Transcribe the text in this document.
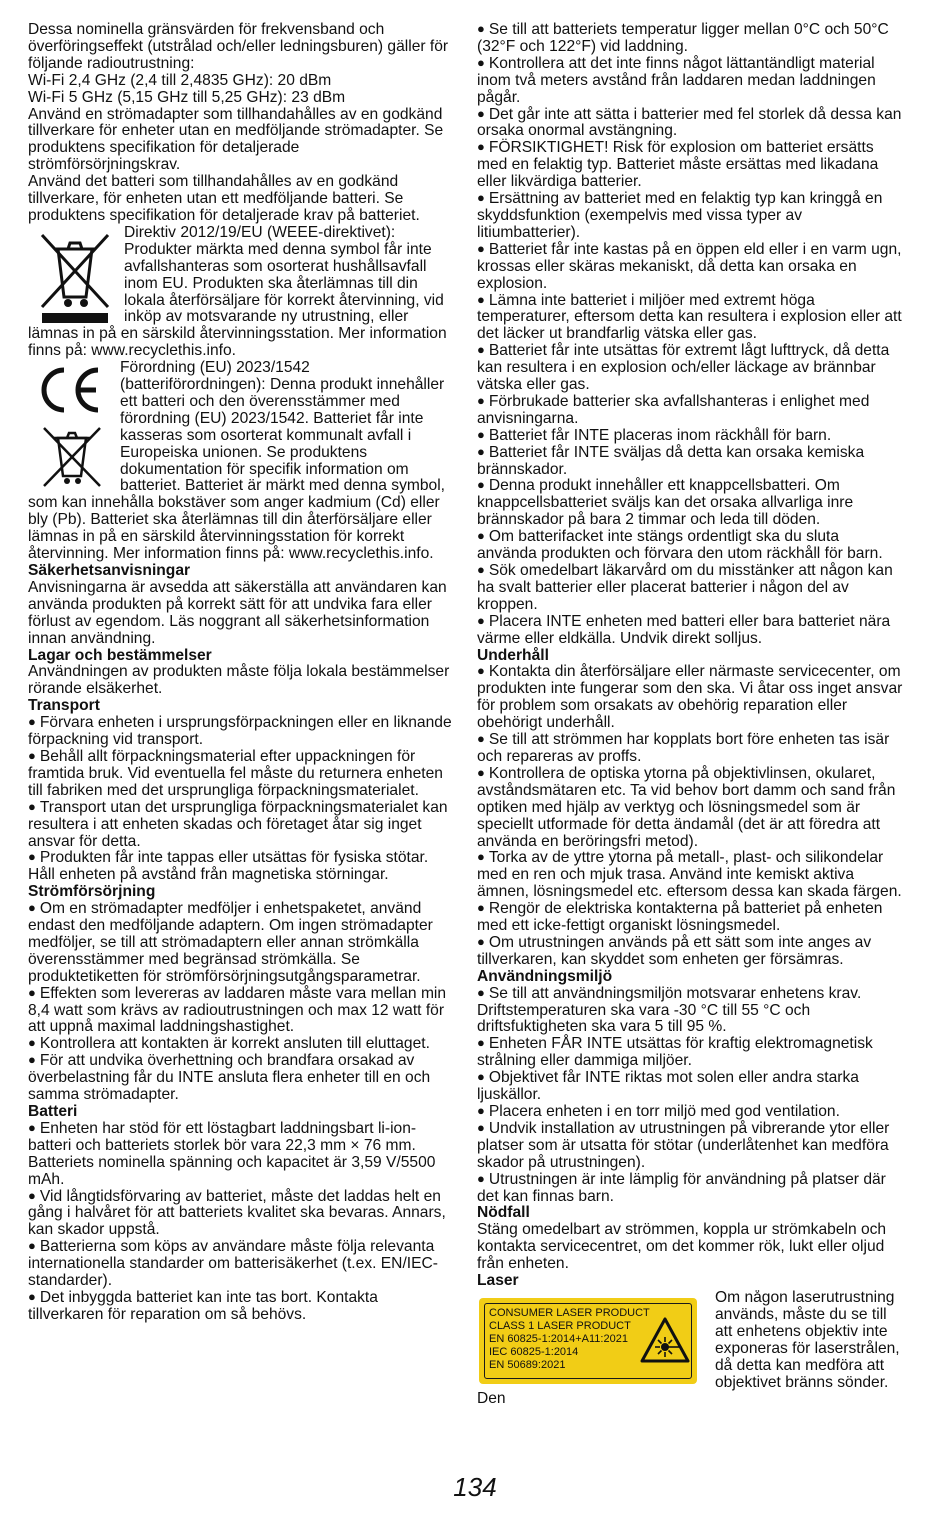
Dessa nominella gränsvärden för frekvensband och överföringseffekt (utstrålad och/eller ledningsburen) gäller för följande radioutrustning:

Wi-Fi 2,4 GHz (2,4 till 2,4835 GHz): 20 dBm

Wi-Fi 5 GHz (5,15 GHz till 5,25 GHz): 23 dBm

Använd en strömadapter som tillhandahålles av en godkänd tillverkare för enheter utan en medföljande strömadapter. Se produktens specifikation för detaljerade strömförsörjningskrav.

Använd det batteri som tillhandahålles av en godkänd tillverkare, för enheten utan ett medföljande batteri. Se produktens specifikation för detaljerade krav på batteriet.

Direktiv 2012/19/EU (WEEE-direktivet): Produkter märkta med denna symbol får inte avfallshanteras som osorterat hushållsavfall inom EU. Produkten ska återlämnas till din lokala återförsäljare för korrekt återvinning, vid inköp av motsvarande ny utrustning, eller lämnas in på en särskild återvinningsstation. Mer information finns på: www.recyclethis.info.
Förordning (EU) 2023/1542 (batteriförordningen): Denna produkt innehåller ett batteri och den överensstämmer med förordning (EU) 2023/1542. Batteriet får inte kasseras som osorterat kommunalt avfall i Europeiska unionen. Se produktens dokumentation för specifik information om batteriet. Batteriet är märkt med denna symbol, som kan innehålla bokstäver som anger kadmium (Cd) eller bly (Pb). Batteriet ska återlämnas till din återförsäljare eller lämnas in på en särskild återvinningsstation för korrekt återvinning. Mer information finns på: www.recyclethis.info.

Säkerhetsanvisningar

Anvisningarna är avsedda att säkerställa att användaren kan använda produkten på korrekt sätt för att undvika fara eller förlust av egendom. Läs noggrant all säkerhetsinformation innan användning.

Lagar och bestämmelser

Användningen av produkten måste följa lokala bestämmelser rörande elsäkerhet.

Transport

● Förvara enheten i ursprungsförpackningen eller en liknande förpackning vid transport.

● Behåll allt förpackningsmaterial efter uppackningen för framtida bruk. Vid eventuella fel måste du returnera enheten till fabriken med det ursprungliga förpackningsmaterialet.

● Transport utan det ursprungliga förpackningsmaterialet kan resultera i att enheten skadas och företaget åtar sig inget ansvar för detta.

● Produkten får inte tappas eller utsättas för fysiska stötar. Håll enheten på avstånd från magnetiska störningar.

Strömförsörjning

● Om en strömadapter medföljer i enhetspaketet, använd endast den medföljande adaptern. Om ingen strömadapter medföljer, se till att strömadaptern eller annan strömkälla överensstämmer med begränsad strömkälla. Se produktetiketten för strömförsörjningsutgångsparametrar.

● Effekten som levereras av laddaren måste vara mellan min 8,4 watt som krävs av radioutrustningen och max 12 watt för att uppnå maximal laddningshastighet.

● Kontrollera att kontakten är korrekt ansluten till eluttaget.

● För att undvika överhettning och brandfara orsakad av överbelastning får du INTE ansluta flera enheter till en och samma strömadapter.

Batteri

● Enheten har stöd för ett löstagbart laddningsbart li-ion-batteri och batteriets storlek bör vara 22,3 mm × 76 mm. Batteriets nominella spänning och kapacitet är 3,59 V/5500 mAh.

● Vid långtidsförvaring av batteriet, måste det laddas helt en gång i halvåret för att batteriets kvalitet ska bevaras. Annars, kan skador uppstå.

● Batterierna som köps av användare måste följa relevanta internationella standarder om batterisäkerhet (t.ex. EN/IEC-standarder).

● Det inbyggda batteriet kan inte tas bort. Kontakta tillverkaren för reparation om så behövs.

● Se till att batteriets temperatur ligger mellan 0°C och 50°C (32°F och 122°F) vid laddning.

● Kontrollera att det inte finns något lättantändligt material inom två meters avstånd från laddaren medan laddningen pågår.

● Det går inte att sätta i batterier med fel storlek då dessa kan orsaka onormal avstängning.

● FÖRSIKTIGHET! Risk för explosion om batteriet ersätts med en felaktig typ. Batteriet måste ersättas med likadana eller likvärdiga batterier.

● Ersättning av batteriet med en felaktig typ kan kringgå en skyddsfunktion (exempelvis med vissa typer av litiumbatterier).

● Batteriet får inte kastas på en öppen eld eller i en varm ugn, krossas eller skäras mekaniskt, då detta kan orsaka en explosion.

● Lämna inte batteriet i miljöer med extremt höga temperaturer, eftersom detta kan resultera i explosion eller att det läcker ut brandfarlig vätska eller gas.

● Batteriet får inte utsättas för extremt lågt lufttryck, då detta kan resultera i en explosion och/eller läckage av brännbar vätska eller gas.

● Förbrukade batterier ska avfallshanteras i enlighet med anvisningarna.

● Batteriet får INTE placeras inom räckhåll för barn.

● Batteriet får INTE sväljas då detta kan orsaka kemiska brännskador.

● Denna produkt innehåller ett knappcellsbatteri. Om knappcellsbatteriet sväljs kan det orsaka allvarliga inre brännskador på bara 2 timmar och leda till döden.

● Om batterifacket inte stängs ordentligt ska du sluta använda produkten och förvara den utom räckhåll för barn.

● Sök omedelbart läkarvård om du misstänker att någon kan ha svalt batterier eller placerat batterier i någon del av kroppen.

● Placera INTE enheten med batteri eller bara batteriet nära värme eller eldkälla. Undvik direkt solljus.

Underhåll

● Kontakta din återförsäljare eller närmaste servicecenter, om produkten inte fungerar som den ska. Vi åtar oss inget ansvar för problem som orsakats av obehörig reparation eller obehörigt underhåll.

● Se till att strömmen har kopplats bort före enheten tas isär och repareras av proffs.

● Kontrollera de optiska ytorna på objektivlinsen, okularet, avståndsmätaren etc. Ta vid behov bort damm och sand från optiken med hjälp av verktyg och lösningsmedel som är speciellt utformade för detta ändamål (det är att föredra att använda en beröringsfri metod).

● Torka av de yttre ytorna på metall-, plast- och silikondelar med en ren och mjuk trasa. Använd inte kemiskt aktiva ämnen, lösningsmedel etc. eftersom dessa kan skada färgen.

● Rengör de elektriska kontakterna på batteriet på enheten med ett icke-fettigt organiskt lösningsmedel.

● Om utrustningen används på ett sätt som inte anges av tillverkaren, kan skyddet som enheten ger försämras.

Användningsmiljö

● Se till att användningsmiljön motsvarar enhetens krav. Driftstemperaturen ska vara -30 °C till 55 °C och driftsfuktigheten ska vara 5 till 95 %.

● Enheten FÅR INTE utsättas för kraftig elektromagnetisk strålning eller dammiga miljöer.

● Objektivet får INTE riktas mot solen eller andra starka ljuskällor.

● Placera enheten i en torr miljö med god ventilation.

● Undvik installation av utrustningen på vibrerande ytor eller platser som är utsatta för stötar (underlåtenhet kan medföra skador på utrustningen).

● Utrustningen är inte lämplig för användning på platser där det kan finnas barn.

Nödfall

Stäng omedelbart av strömmen, koppla ur strömkabeln och kontakta servicecentret, om det kommer rök, lukt eller oljud från enheten.

Laser

CONSUMER LASER PRODUCT
CLASS 1 LASER PRODUCT
EN 60825-1:2014+A11:2021
IEC 60825-1:2014
EN 50689:2021
Om någon laserutrustning används, måste du se till att enhetens objektiv inte exponeras för laserstrålen, då detta kan medföra att objektivet bränns sönder. Den
134
